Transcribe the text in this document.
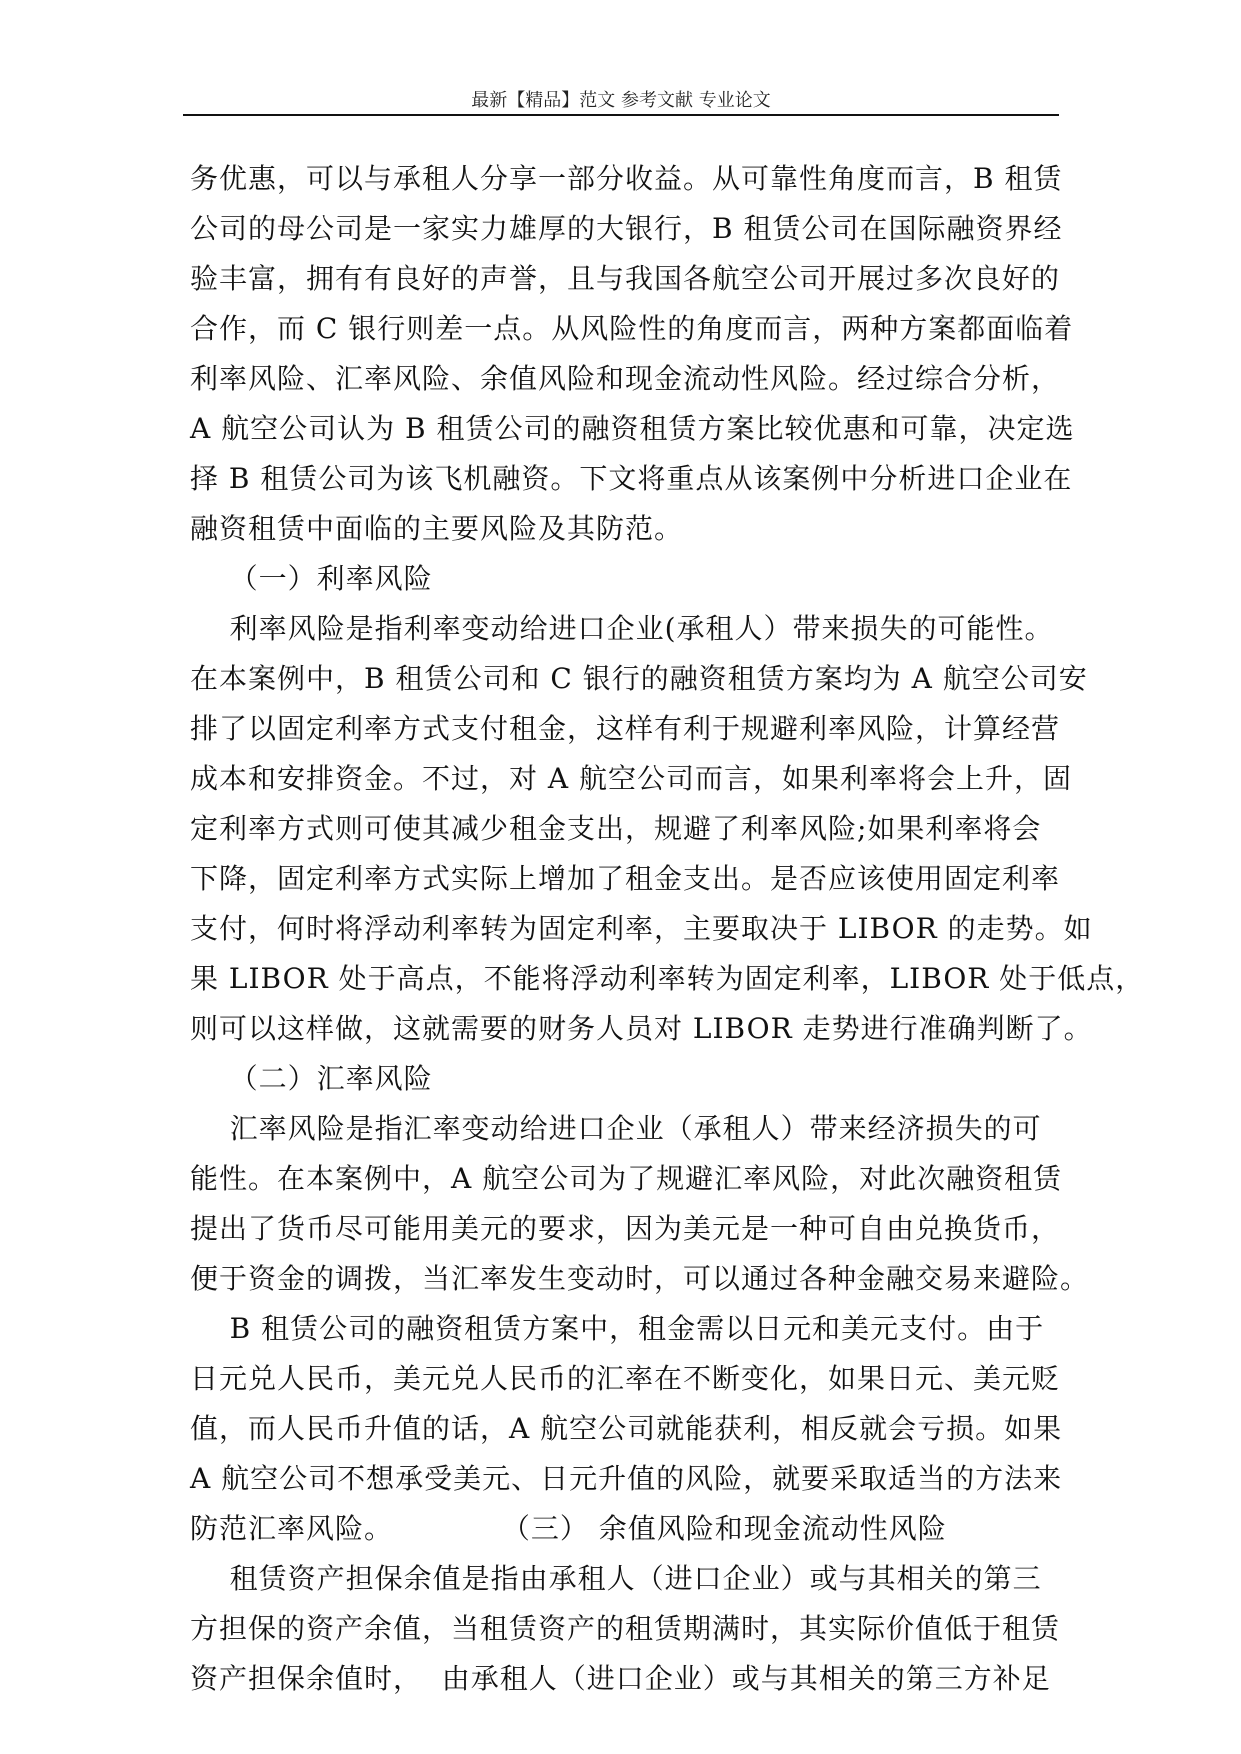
最新【精品】范文 参考文献 专业论文
务优惠，可以与承租人分享一部分收益。从可靠性角度而言，B 租赁
公司的母公司是一家实力雄厚的大银行，B 租赁公司在国际融资界经
验丰富，拥有有良好的声誉，且与我国各航空公司开展过多次良好的
合作，而 C 银行则差一点。从风险性的角度而言，两种方案都面临着
利率风险、汇率风险、余值风险和现金流动性风险。经过综合分析，
A 航空公司认为 B 租赁公司的融资租赁方案比较优惠和可靠，决定选
择 B 租赁公司为该飞机融资。下文将重点从该案例中分析进口企业在
融资租赁中面临的主要风险及其防范。
（一）利率风险
利率风险是指利率变动给进口企业(承租人）带来损失的可能性。
在本案例中，B 租赁公司和 C 银行的融资租赁方案均为 A 航空公司安
排了以固定利率方式支付租金，这样有利于规避利率风险，计算经营
成本和安排资金。不过，对 A 航空公司而言，如果利率将会上升，固
定利率方式则可使其减少租金支出，规避了利率风险;如果利率将会
下降，固定利率方式实际上增加了租金支出。是否应该使用固定利率
支付，何时将浮动利率转为固定利率，主要取决于 LIBOR 的走势。如
果 LIBOR 处于高点，不能将浮动利率转为固定利率，LIBOR 处于低点，
则可以这样做，这就需要的财务人员对 LIBOR 走势进行准确判断了。
（二）汇率风险
汇率风险是指汇率变动给进口企业（承租人）带来经济损失的可
能性。在本案例中，A 航空公司为了规避汇率风险，对此次融资租赁
提出了货币尽可能用美元的要求，因为美元是一种可自由兑换货币，
便于资金的调拨，当汇率发生变动时，可以通过各种金融交易来避险。
B 租赁公司的融资租赁方案中，租金需以日元和美元支付。由于
日元兑人民币，美元兑人民币的汇率在不断变化，如果日元、美元贬
值，而人民币升值的话，A 航空公司就能获利，相反就会亏损。如果
A 航空公司不想承受美元、日元升值的风险，就要采取适当的方法来
防范汇率风险。           （三） 余值风险和现金流动性风险
租赁资产担保余值是指由承租人（进口企业）或与其相关的第三
方担保的资产余值，当租赁资产的租赁期满时，其实际价值低于租赁
资产担保余值时，  由承租人（进口企业）或与其相关的第三方补足
